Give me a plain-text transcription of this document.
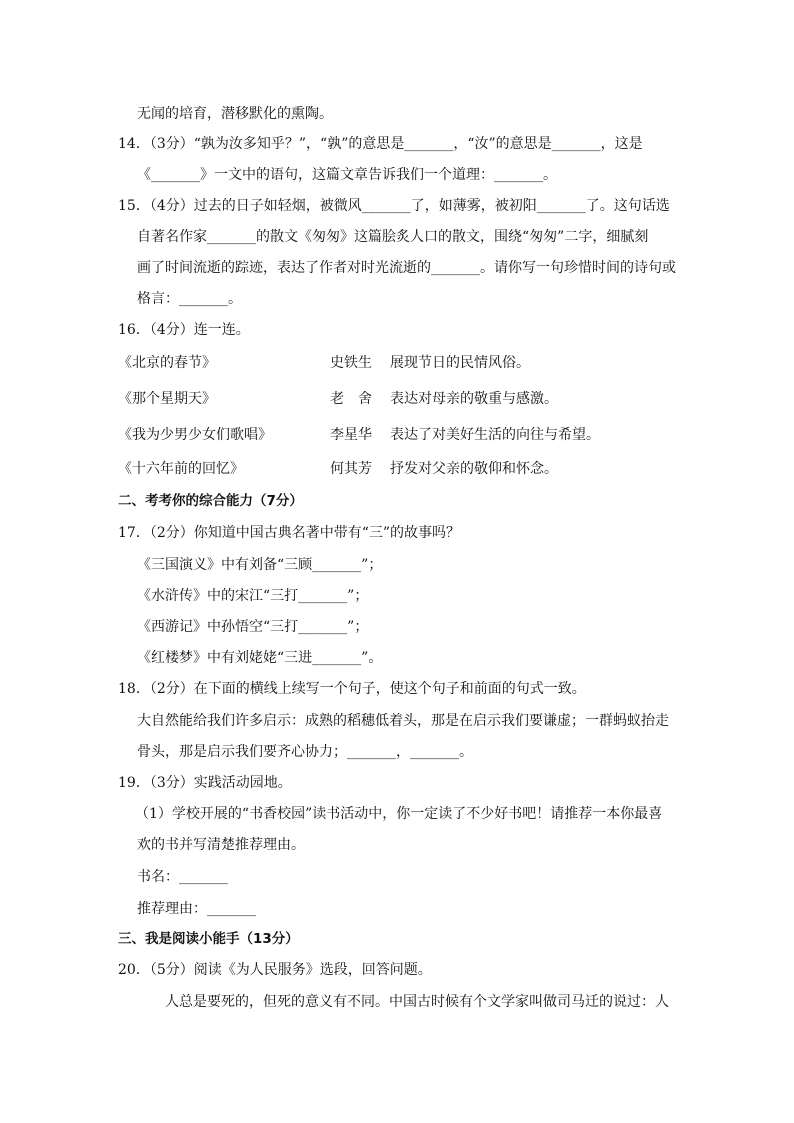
无闻的培育，潜移默化的熏陶。
14．（3分）“孰为汝多知乎？”，“孰”的意思是_______，“汝”的意思是_______，这是
《_______》一文中的语句，这篇文章告诉我们一个道理：_______。
15．（4分）过去的日子如轻烟，被微风_______了，如薄雾，被初阳_______了。这句话选
自著名作家_______的散文《匆匆》这篇脍炙人口的散文，围绕“匆匆”二字，细腻刻
画了时间流逝的踪迹，表达了作者对时光流逝的_______。请你写一句珍惜时间的诗句或
格言：_______。
16．（4分）连一连。
《北京的春节》	史铁生 展现节日的民情风俗。
《那个星期天》	老　舍 表达对母亲的敬重与感激。
《我为少男少女们歌唱》	李星华 表达了对美好生活的向往与希望。
《十六年前的回忆》	何其芳 抒发对父亲的敬仰和怀念。
二、考考你的综合能力（7分）
17．（2分）你知道中国古典名著中带有“三”的故事吗？
《三国演义》中有刘备“三顾_______”；
《水浒传》中的宋江“三打_______”；
《西游记》中孙悟空“三打_______”；
《红楼梦》中有刘姥姥“三进_______”。
18．（2分）在下面的横线上续写一个句子，使这个句子和前面的句式一致。
大自然能给我们许多启示：成熟的稻穗低着头，那是在启示我们要谦虚；一群蚂蚁抬走
骨头，那是启示我们要齐心协力；_______，_______。
19．（3分）实践活动园地。
（1）学校开展的“书香校园”读书活动中，你一定读了不少好书吧！请推荐一本你最喜
欢的书并写清楚推荐理由。
书名：_______
推荐理由：_______
三、我是阅读小能手（13分）
20．（5分）阅读《为人民服务》选段，回答问题。
人总是要死的，但死的意义有不同。中国古时候有个文学家叫做司马迁的说过：人
